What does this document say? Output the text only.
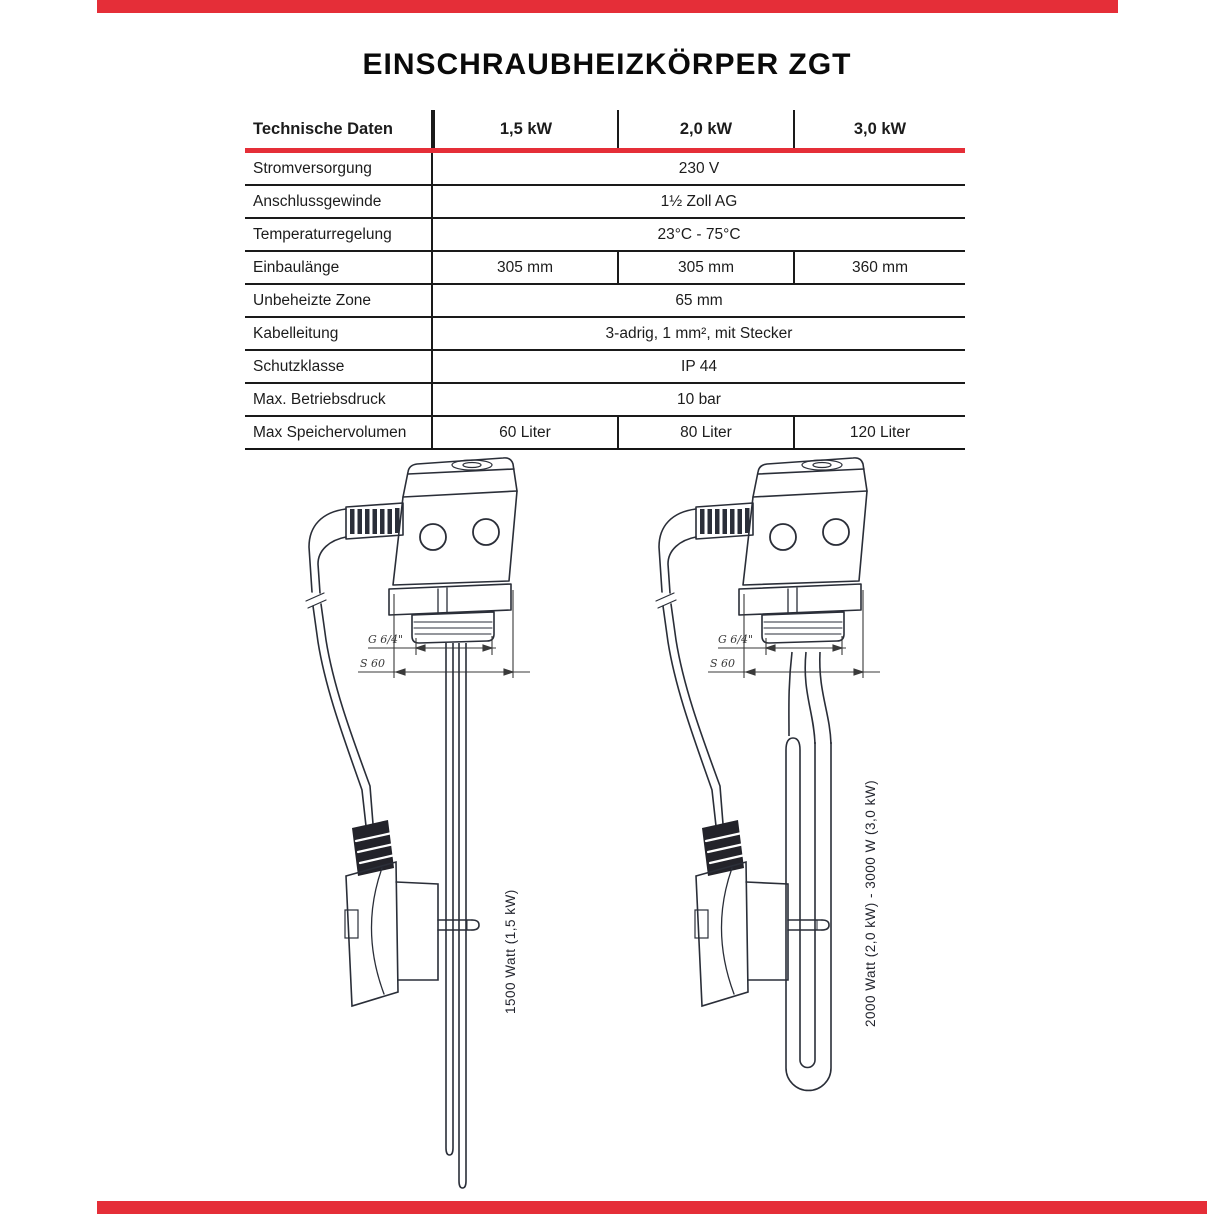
EINSCHRAUBHEIZKÖRPER ZGT
Technische Daten	1,5 kW	2,0 kW	3,0 kW
Stromversorgung	230 V
Anschlussgewinde	1½ Zoll AG
Temperaturregelung	23°C - 75°C
Einbaulänge	305 mm	305 mm	360 mm
Unbeheizte Zone	65 mm
Kabelleitung	3-adrig, 1 mm², mit Stecker
Schutzklasse	IP 44
Max. Betriebsdruck	10 bar
Max Speichervolumen	60 Liter	80 Liter	120 Liter
G 6/4"
S 60
1500 Watt (1,5 kW)
G 6/4"
S 60
2000 Watt (2,0 kW) - 3000 W (3,0 kW)
